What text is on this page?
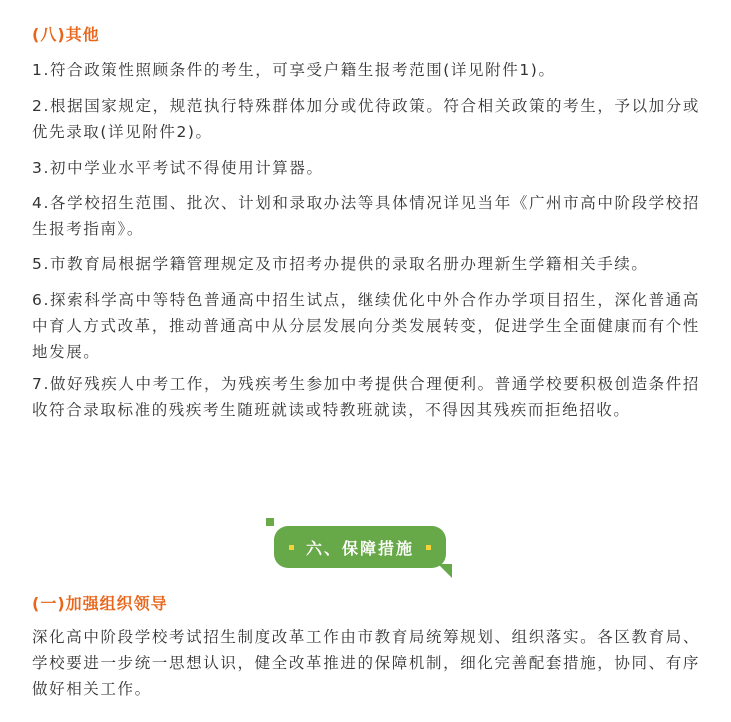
(八)其他

1.符合政策性照顾条件的考生，可享受户籍生报考范围(详见附件1)。

2.根据国家规定，规范执行特殊群体加分或优待政策。符合相关政策的考生，予以加分或优先录取(详见附件2)。

3.初中学业水平考试不得使用计算器。

4.各学校招生范围、批次、计划和录取办法等具体情况详见当年《广州市高中阶段学校招生报考指南》。

5.市教育局根据学籍管理规定及市招考办提供的录取名册办理新生学籍相关手续。

6.探索科学高中等特色普通高中招生试点，继续优化中外合作办学项目招生，深化普通高中育人方式改革，推动普通高中从分层发展向分类发展转变，促进学生全面健康而有个性地发展。

7.做好残疾人中考工作，为残疾考生参加中考提供合理便利。普通学校要积极创造条件招收符合录取标准的残疾考生随班就读或特教班就读，不得因其残疾而拒绝招收。

六、保障措施
(一)加强组织领导

深化高中阶段学校考试招生制度改革工作由市教育局统筹规划、组织落实。各区教育局、学校要进一步统一思想认识，健全改革推进的保障机制，细化完善配套措施，协同、有序做好相关工作。
